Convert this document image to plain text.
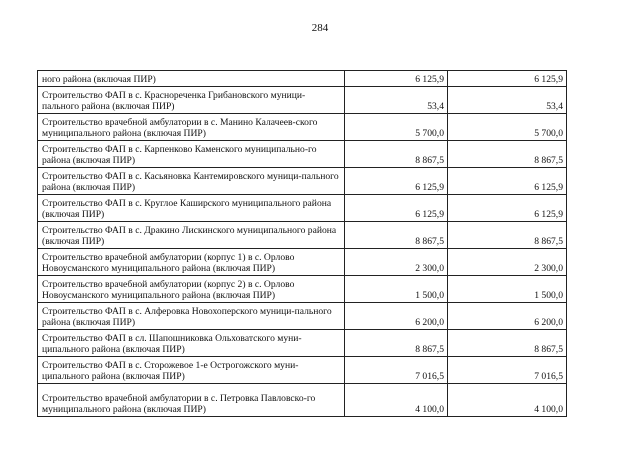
284
ного района (включая ПИР)	6 125,9	6 125,9
Строительство ФАП в с. Краснореченка Грибановского муници-пального района (включая ПИР)	53,4	53,4
Строительство врачебной амбулатории в с. Манино Калачеев-ского муниципального района (включая ПИР)	5 700,0	5 700,0
Строительство ФАП в с. Карпенково Каменского муниципально-го района (включая ПИР)	8 867,5	8 867,5
Строительство ФАП в с. Касьяновка Кантемировского муници-пального района (включая ПИР)	6 125,9	6 125,9
Строительство ФАП в с. Круглое Каширского муниципального района (включая ПИР)	6 125,9	6 125,9
Строительство ФАП в с. Дракино Лискинского муниципального района (включая ПИР)	8 867,5	8 867,5
Строительство врачебной амбулатории (корпус 1) в с. Орлово Новоусманского муниципального района (включая ПИР)	2 300,0	2 300,0
Строительство врачебной амбулатории (корпус 2) в с. Орлово Новоусманского муниципального района (включая ПИР)	1 500,0	1 500,0
Строительство ФАП в с. Алферовка Новохоперского муници-пального района (включая ПИР)	6 200,0	6 200,0
Строительство ФАП в сл. Шапошниковка Ольховатского муни-ципального района (включая ПИР)	8 867,5	8 867,5
Строительство ФАП в с. Сторожевое 1-е Острогожского муни-ципального района (включая ПИР)	7 016,5	7 016,5
Строительство врачебной амбулатории в с. Петровка Павловско-го муниципального района (включая ПИР)	4 100,0	4 100,0
